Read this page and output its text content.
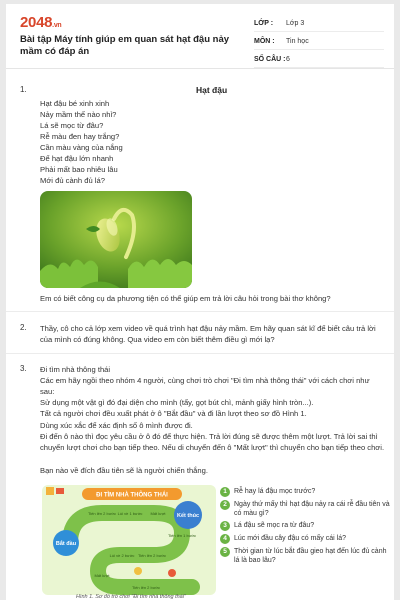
2048.vn
Bài tập Máy tính giúp em quan sát hạt đậu nảy mầm có đáp án
LỚP :	Lớp 3
MÔN :	Tin học
SỐ CÂU : 6
1.	Hạt đậu
Hạt đậu bé xinh xinh
Nảy mầm thế nào nhỉ?
Lá sẽ mọc từ đâu?
Rễ màu đen hay trắng?
Cần màu vàng của nắng
Để hạt đậu lớn nhanh
Phải mất bao nhiêu lâu
Mới đủ cành đủ lá?
Em có biết công cụ da phương tiện có thể giúp em trả lời câu hỏi trong bài thơ không?
2. Thầy, cô cho cả lớp xem video về quá trình hạt đậu nảy mầm. Em hãy quan sát kĩ để biết câu trả lời của mình có đúng không. Qua video em còn biết thêm điều gì mới lạ?
3. Đi tìm nhà thông thái
Các em hãy ngồi theo nhóm 4 người, cùng chơi trò chơi "Đi tìm nhà thông thái" với cách chơi như sau:
Sử dụng một vật gì đó đại diện cho mình (tẩy, gọt bút chì, mảnh giấy hình tròn...).
Tất cả người chơi đều xuất phát ở ô "Bắt đầu" và đi lần lượt theo sơ đồ Hình 1.
Dùng xúc xắc để xác định số ô mình được đi.
Đi đến ô nào thì đọc yêu cầu ở ô đó để thực hiện. Trả lời đúng sẽ được thêm một lượt. Trả lời sai thì chuyển lượt chơi cho bạn tiếp theo. Nếu di chuyển đến ô "Mất lượt" thì chuyển cho bạn tiếp theo chơi.
Bạn nào về đích đầu tiên sẽ là người chiến thắng.
ĐI TÌM NHÀ THÔNG THÁI
Tiến lên 2 bước Lùi về 1 bước Mất lượt
Tiến lên 1 bước
Tiến lên 2 bước
Lùi về 2 bước
Mất lượt
Tiến lên 2 bước
Bắt đầu
Kết thúc
1	Rễ hay lá đậu mọc trước?
2	Ngày thứ mấy thì hạt đậu nảy ra cái rễ đầu tiên và có màu gì?
3	Lá đậu sẽ mọc ra từ đâu?
4	Lúc mới đầu cây đậu có mấy cái lá?
5	Thời gian từ lúc bắt đầu gieo hạt đến lúc đủ cành lá là bao lâu?
Hình 1. Sơ đồ trò chơi "Đi tìm nhà thông thái"
